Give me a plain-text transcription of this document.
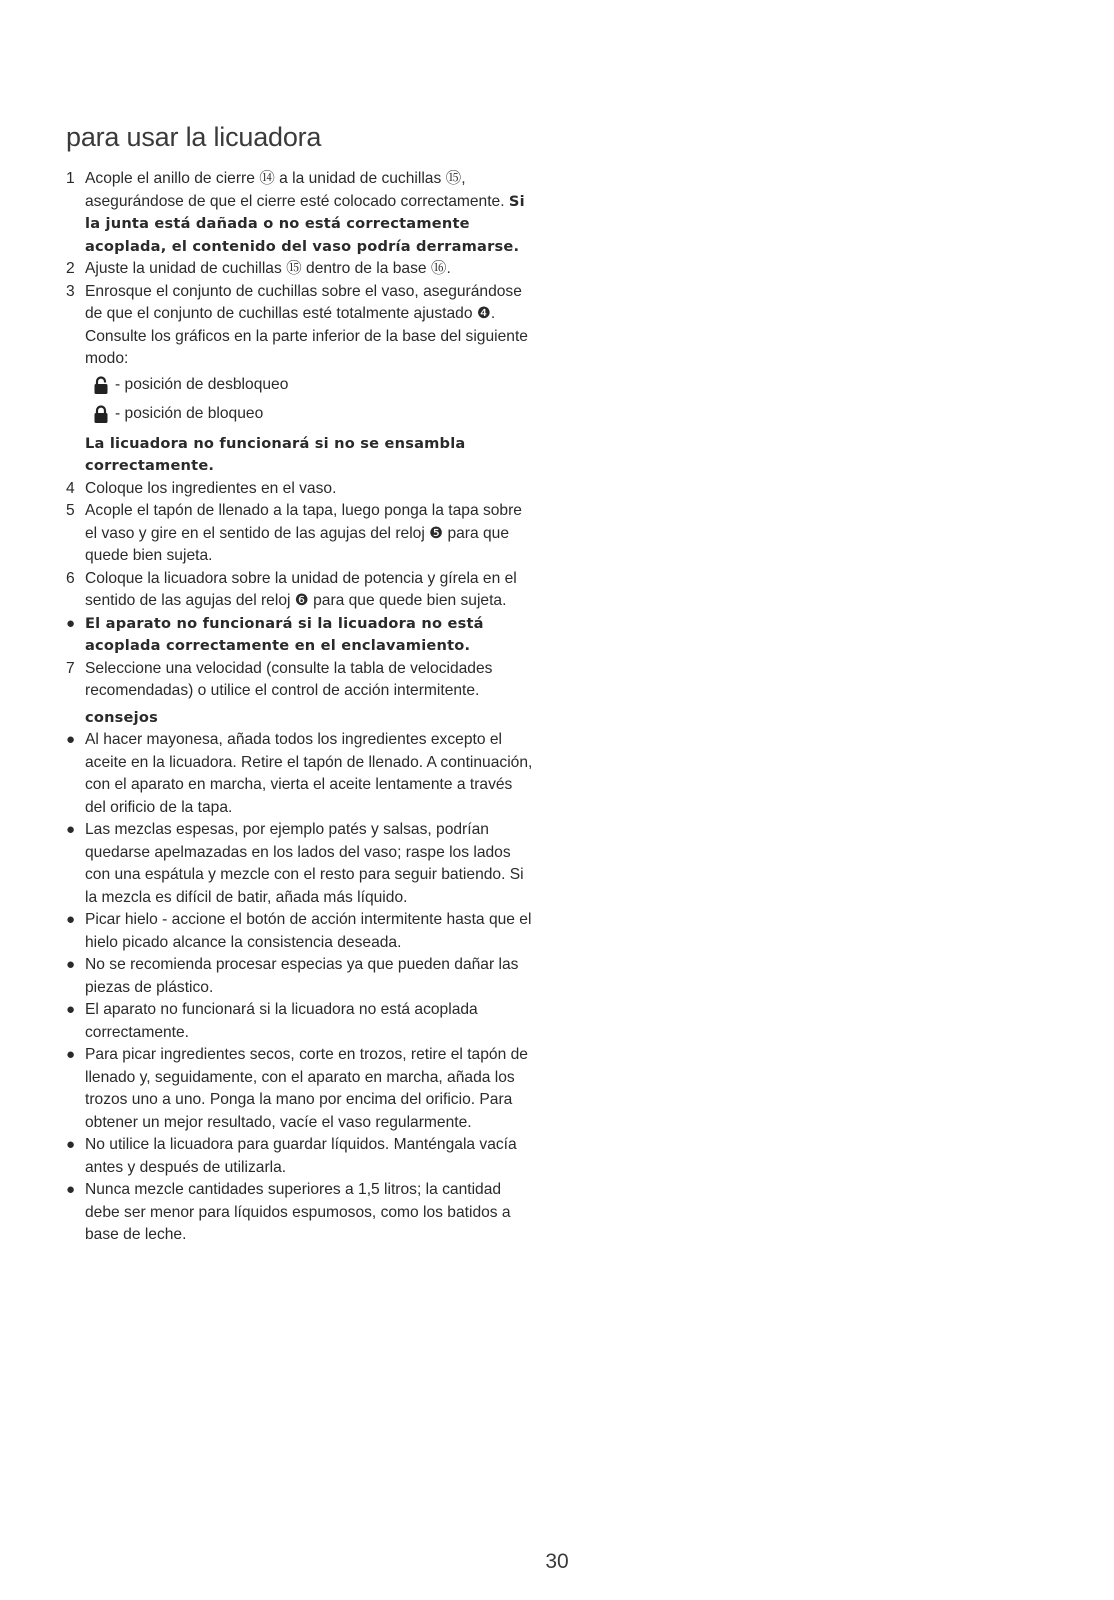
para usar la licuadora
1 Acople el anillo de cierre ⑭ a la unidad de cuchillas ⑮, asegurándose de que el cierre esté colocado correctamente. Si la junta está dañada o no está correctamente acoplada, el contenido del vaso podría derramarse.
2 Ajuste la unidad de cuchillas ⑮ dentro de la base ⑯.
3 Enrosque el conjunto de cuchillas sobre el vaso, asegurándose de que el conjunto de cuchillas esté totalmente ajustado ❹. Consulte los gráficos en la parte inferior de la base del siguiente modo:
- posición de desbloqueo
- posición de bloqueo
La licuadora no funcionará si no se ensambla correctamente.
4 Coloque los ingredientes en el vaso.
5 Acople el tapón de llenado a la tapa, luego ponga la tapa sobre el vaso y gire en el sentido de las agujas del reloj ❺ para que quede bien sujeta.
6 Coloque la licuadora sobre la unidad de potencia y gírela en el sentido de las agujas del reloj ❻ para que quede bien sujeta.
● El aparato no funcionará si la licuadora no está acoplada correctamente en el enclavamiento.
7 Seleccione una velocidad (consulte la tabla de velocidades recomendadas) o utilice el control de acción intermitente.
consejos
● Al hacer mayonesa, añada todos los ingredientes excepto el aceite en la licuadora. Retire el tapón de llenado. A continuación, con el aparato en marcha, vierta el aceite lentamente a través del orificio de la tapa.
● Las mezclas espesas, por ejemplo patés y salsas, podrían quedarse apelmazadas en los lados del vaso; raspe los lados con una espátula y mezcle con el resto para seguir batiendo. Si la mezcla es difícil de batir, añada más líquido.
● Picar hielo - accione el botón de acción intermitente hasta que el hielo picado alcance la consistencia deseada.
● No se recomienda procesar especias ya que pueden dañar las piezas de plástico.
● El aparato no funcionará si la licuadora no está acoplada correctamente.
● Para picar ingredientes secos, corte en trozos, retire el tapón de llenado y, seguidamente, con el aparato en marcha, añada los trozos uno a uno. Ponga la mano por encima del orificio. Para obtener un mejor resultado, vacíe el vaso regularmente.
● No utilice la licuadora para guardar líquidos. Manténgala vacía antes y después de utilizarla.
● Nunca mezcle cantidades superiores a 1,5 litros; la cantidad debe ser menor para líquidos espumosos, como los batidos a base de leche.
30
